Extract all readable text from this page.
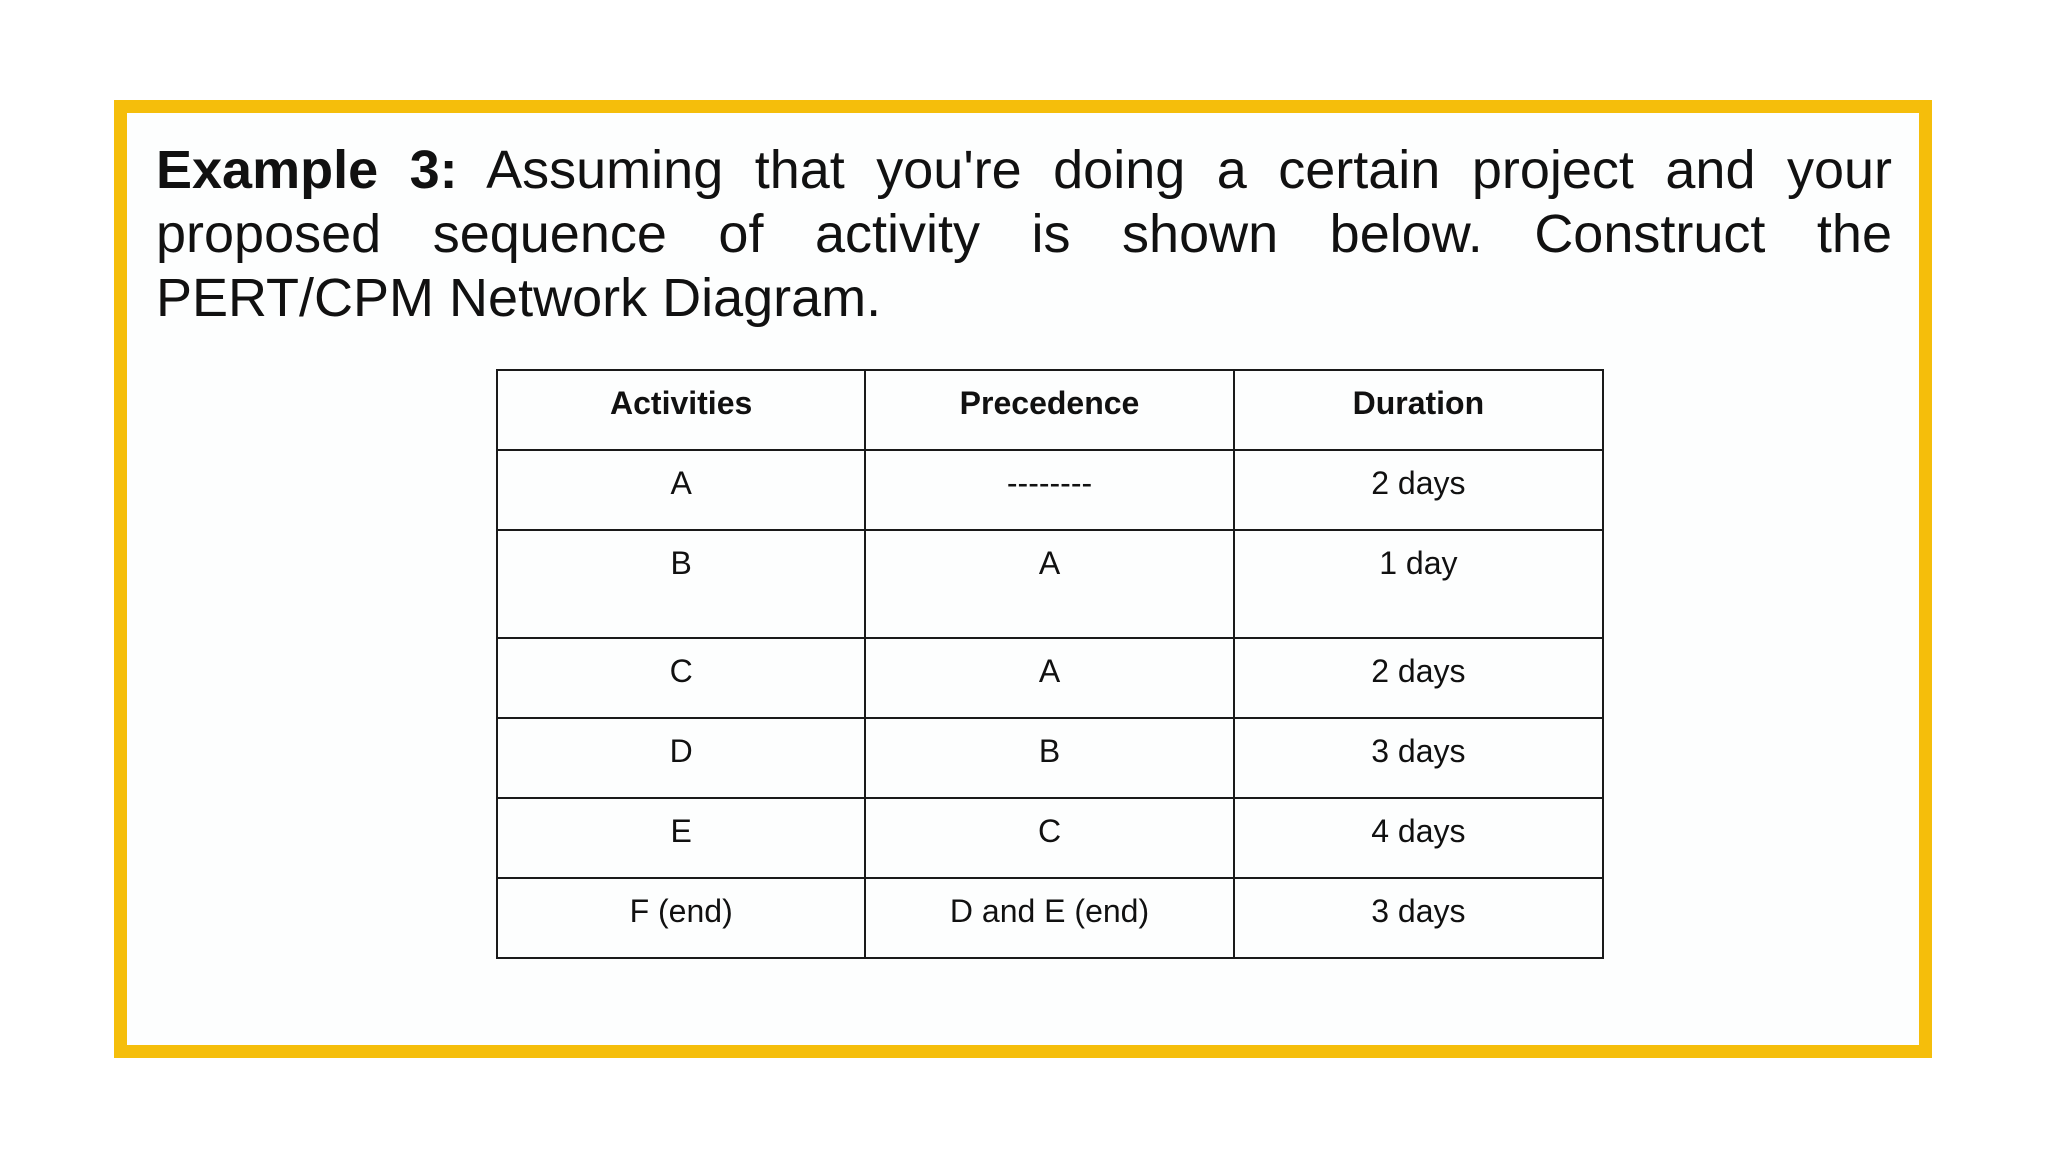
Example 3: Assuming that you're doing a certain project and your proposed sequence of activity is shown below. Construct the PERT/CPM Network Diagram.

Activities	Precedence	Duration
A	--------	2 days
B	A	1 day
C	A	2 days
D	B	3 days
E	C	4 days
F (end)	D and E (end)	3 days
